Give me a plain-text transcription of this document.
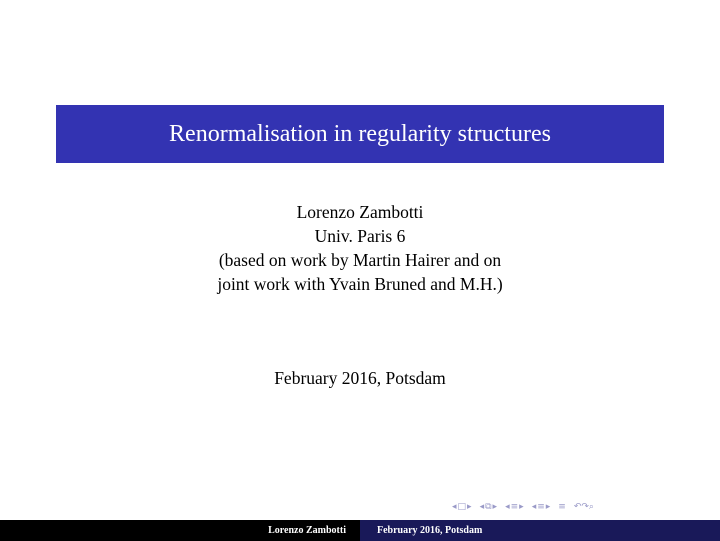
Renormalisation in regularity structures
Lorenzo Zambotti
Univ. Paris 6
(based on work by Martin Hairer and on
joint work with Yvain Bruned and M.H.)
February 2016, Potsdam
◂ □ ▸ ◂ ⧉ ▸ ◂ ≡ ▸ ◂ ≡ ▸ ≡ ↶↷⌕
Lorenzo Zambotti	February 2016, Potsdam
